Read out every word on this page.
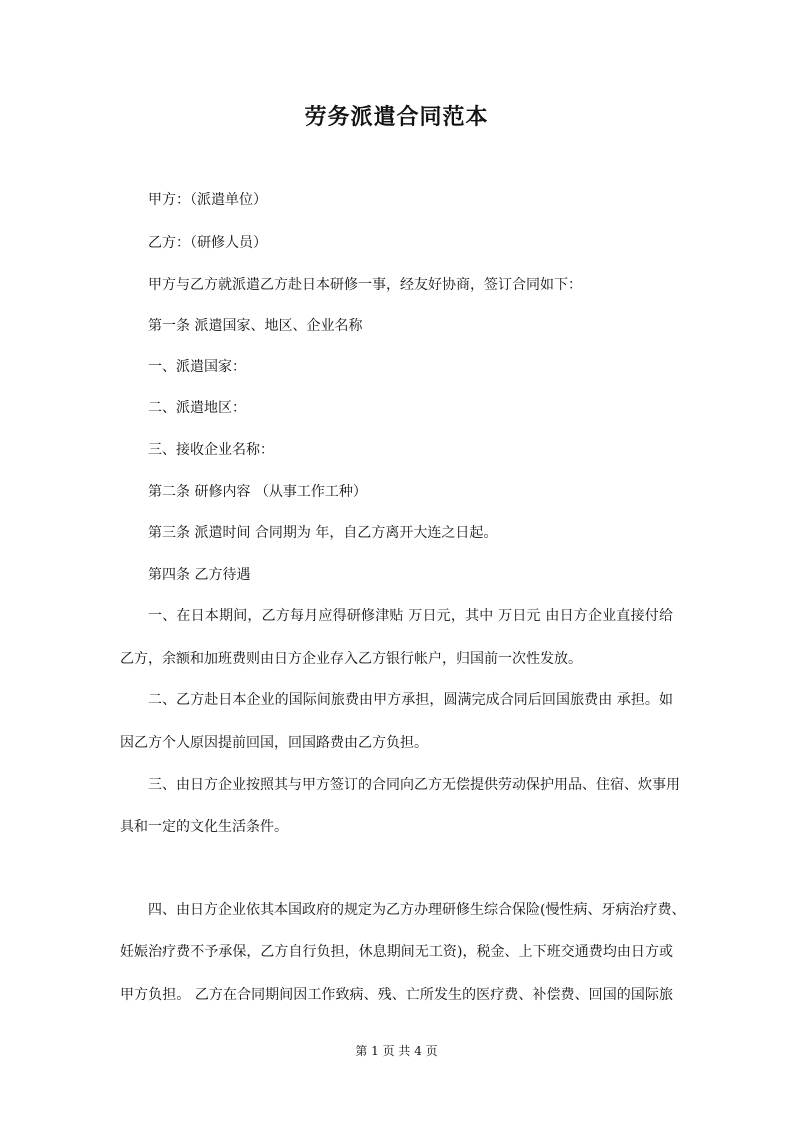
劳务派遣合同范本

甲方：（派遣单位）

乙方：（研修人员）

甲方与乙方就派遣乙方赴日本研修一事，经友好协商，签订合同如下：

第一条 派遣国家、地区、企业名称

一、派遣国家：

二、派遣地区：

三、接收企业名称：

第二条 研修内容 （从事工作工种）

第三条 派遣时间 合同期为 年，自乙方离开大连之日起。

第四条 乙方待遇

一、在日本期间，乙方每月应得研修津贴 万日元，其中 万日元 由日方企业直接付给

乙方，余额和加班费则由日方企业存入乙方银行帐户，归国前一次性发放。

二、乙方赴日本企业的国际间旅费由甲方承担，圆满完成合同后回国旅费由 承担。如

因乙方个人原因提前回国，回国路费由乙方负担。

三、由日方企业按照其与甲方签订的合同向乙方无偿提供劳动保护用品、住宿、炊事用

具和一定的文化生活条件。

四、由日方企业依其本国政府的规定为乙方办理研修生综合保险(慢性病、牙病治疗费、

妊娠治疗费不予承保，乙方自行负担，休息期间无工资)，税金、上下班交通费均由日方或

甲方负担。 乙方在合同期间因工作致病、残、亡所发生的医疗费、补偿费、回国的国际旅

第 1 页 共 4 页
